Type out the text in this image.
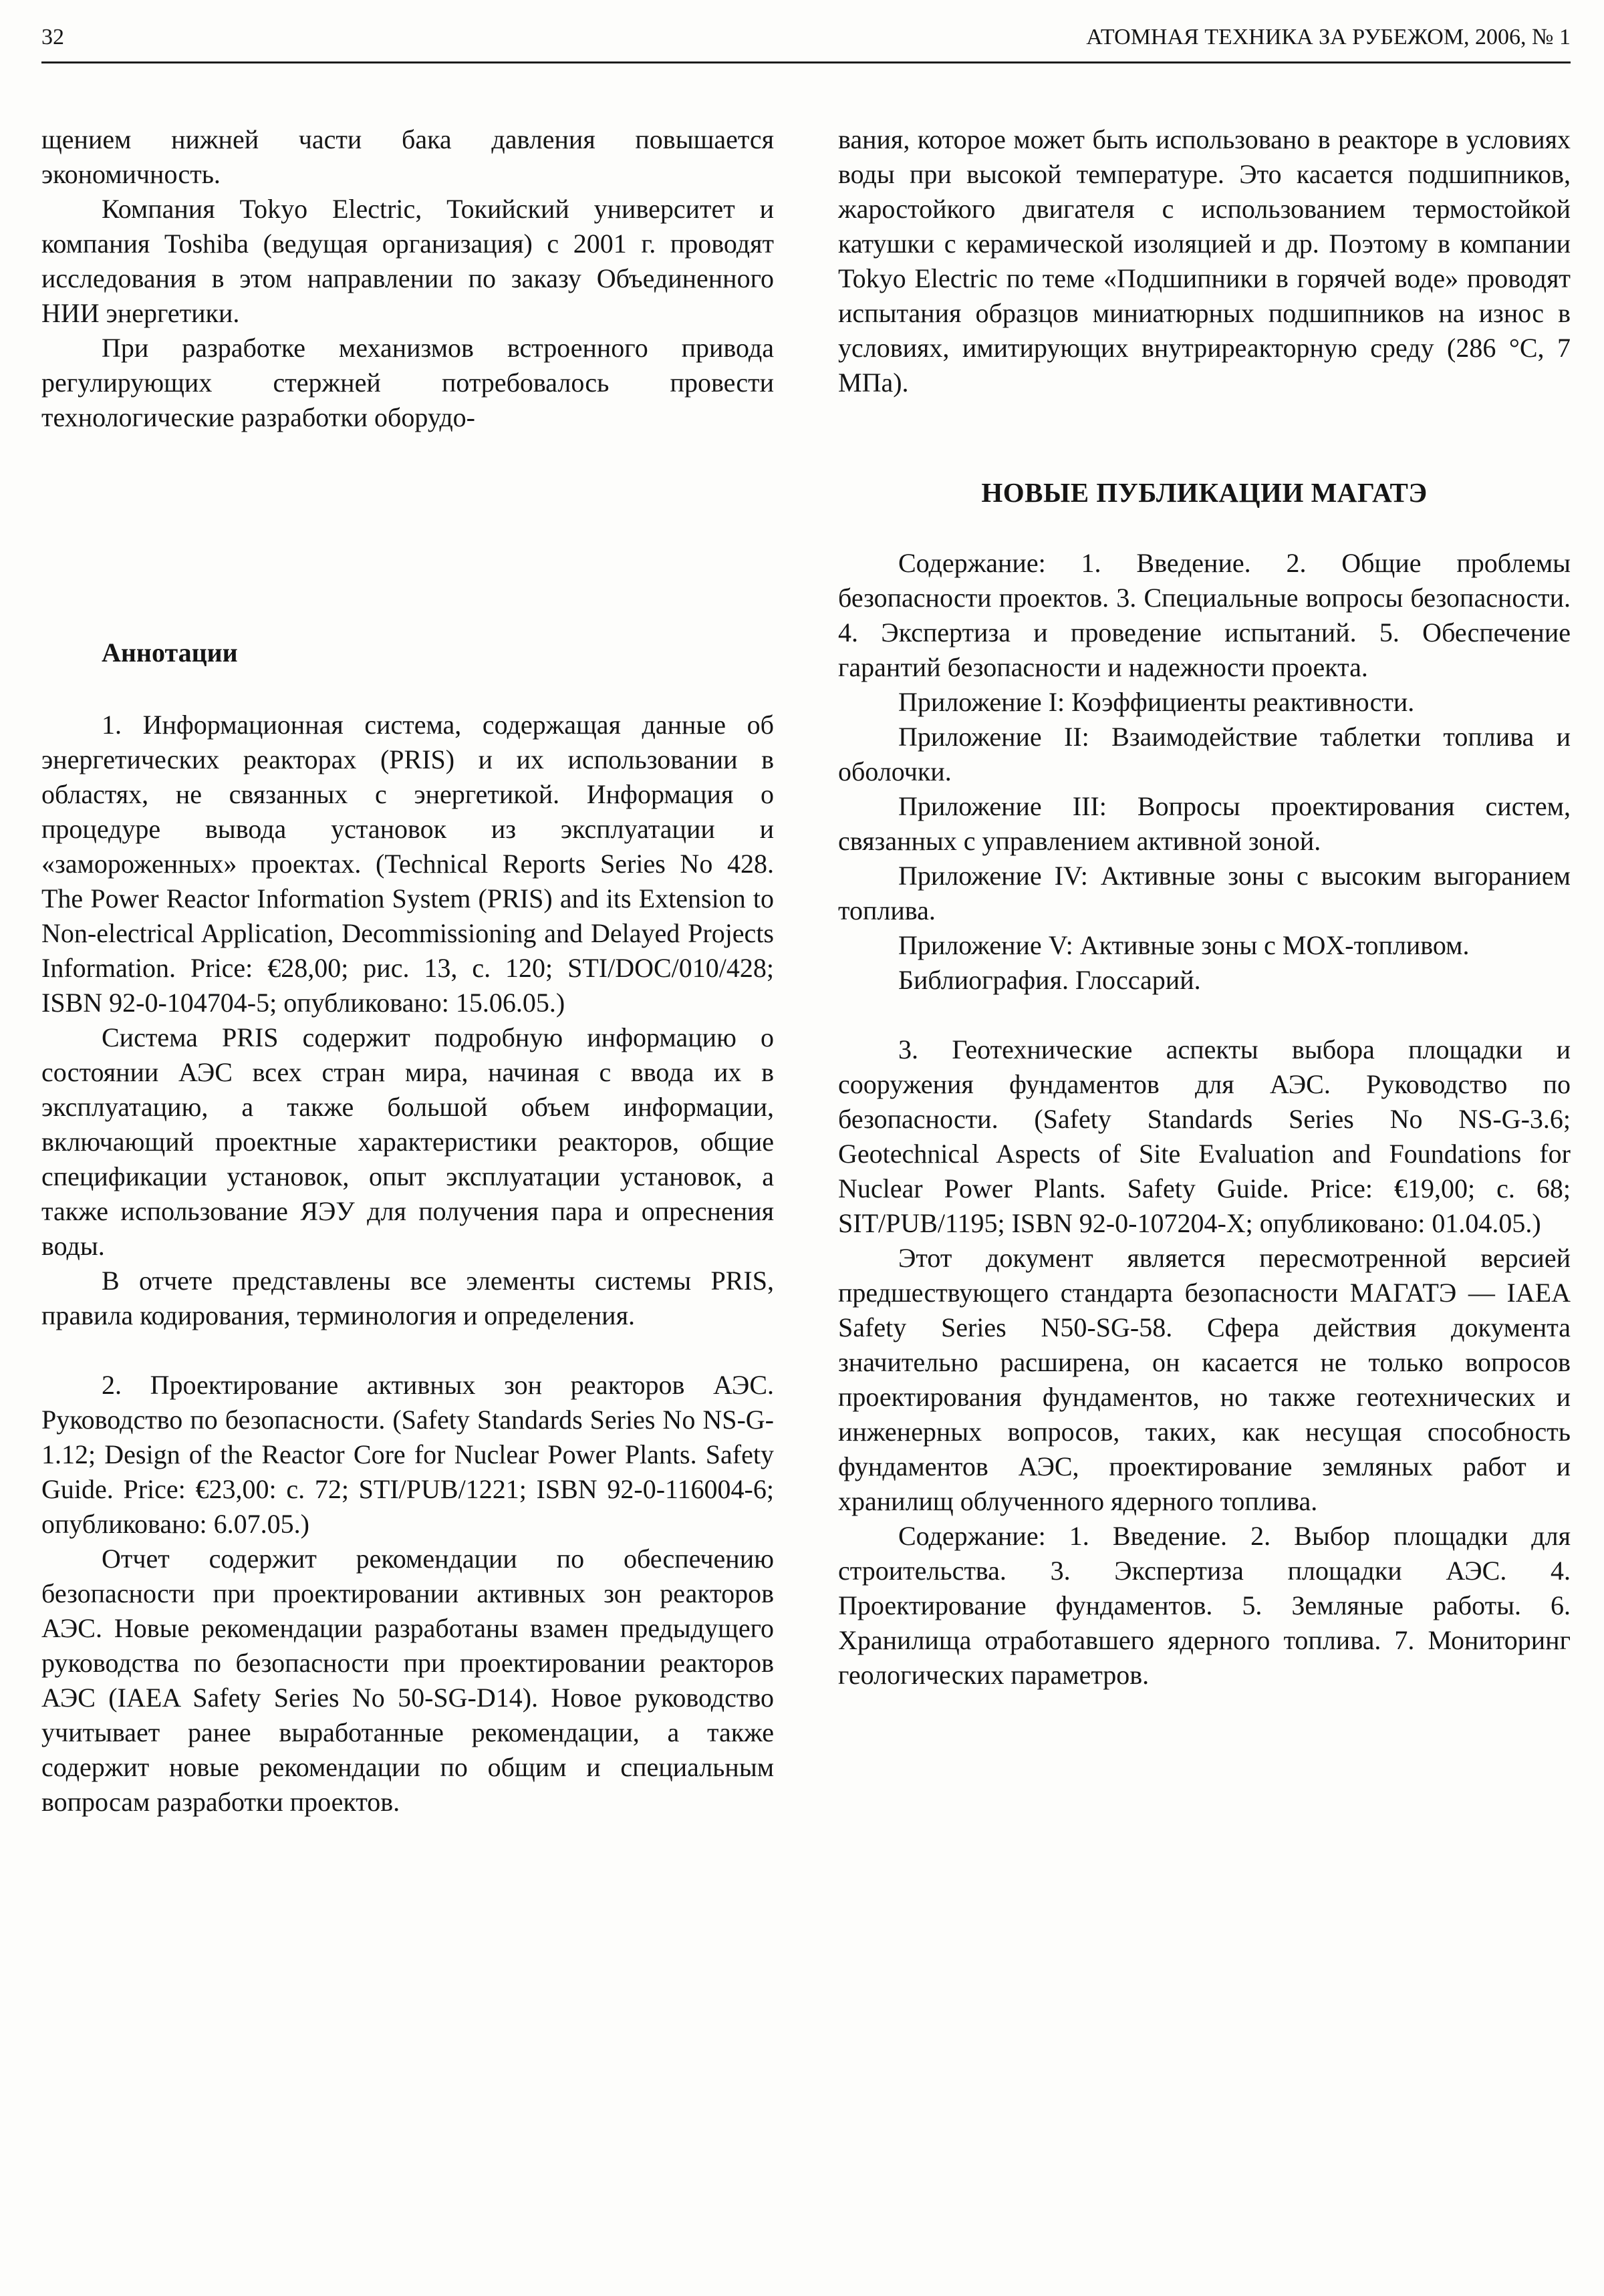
32	АТОМНАЯ ТЕХНИКА ЗА РУБЕЖОМ, 2006, № 1

щением нижней части бака давления повышается экономичность.

Компания Tokyo Electric, Токийский университет и компания Toshiba (ведущая организация) с 2001 г. проводят исследования в этом направлении по заказу Объединенного НИИ энергетики.

При разработке механизмов встроенного привода регулирующих стержней потребовалось провести технологические разработки оборудо-

Аннотации

1. Информационная система, содержащая данные об энергетических реакторах (PRIS) и их использовании в областях, не связанных с энергетикой. Информация о процедуре вывода установок из эксплуатации и «замороженных» проектах. (Technical Reports Series No 428. The Power Reactor Information System (PRIS) and its Extension to Non-electrical Application, Decommissioning and Delayed Projects Information. Price: €28,00; рис. 13, с. 120; STI/DOC/010/428; ISBN 92-0-104704-5; опубликовано: 15.06.05.)

Система PRIS содержит подробную информацию о состоянии АЭС всех стран мира, начиная с ввода их в эксплуатацию, а также большой объем информации, включающий проектные характеристики реакторов, общие спецификации установок, опыт эксплуатации установок, а также использование ЯЭУ для получения пара и опреснения воды.

В отчете представлены все элементы системы PRIS, правила кодирования, терминология и определения.

2. Проектирование активных зон реакторов АЭС. Руководство по безопасности. (Safety Standards Series No NS-G-1.12; Design of the Reactor Core for Nuclear Power Plants. Safety Guide. Price: €23,00: с. 72; STI/PUB/1221; ISBN 92-0-116004-6; опубликовано: 6.07.05.)

Отчет содержит рекомендации по обеспечению безопасности при проектировании активных зон реакторов АЭС. Новые рекомендации разработаны взамен предыдущего руководства по безопасности при проектировании реакторов АЭС (IAEA Safety Series No 50-SG-D14). Новое руководство учитывает ранее выработанные рекомендации, а также содержит новые рекомендации по общим и специальным вопросам разработки проектов.

вания, которое может быть использовано в реакторе в условиях воды при высокой температуре. Это касается подшипников, жаростойкого двигателя с использованием термостойкой катушки с керамической изоляцией и др. Поэтому в компании Tokyo Electric по теме «Подшипники в горячей воде» проводят испытания образцов миниатюрных подшипников на износ в условиях, имитирующих внутриреакторную среду (286 °C, 7 МПа).

НОВЫЕ ПУБЛИКАЦИИ МАГАТЭ

Содержание: 1. Введение. 2. Общие проблемы безопасности проектов. 3. Специальные вопросы безопасности. 4. Экспертиза и проведение испытаний. 5. Обеспечение гарантий безопасности и надежности проекта.

Приложение I: Коэффициенты реактивности.

Приложение II: Взаимодействие таблетки топлива и оболочки.

Приложение III: Вопросы проектирования систем, связанных с управлением активной зоной.

Приложение IV: Активные зоны с высоким выгоранием топлива.

Приложение V: Активные зоны с MOX-топливом.

Библиография. Глоссарий.

3. Геотехнические аспекты выбора площадки и сооружения фундаментов для АЭС. Руководство по безопасности. (Safety Standards Series No NS-G-3.6; Geotechnical Aspects of Site Evaluation and Foundations for Nuclear Power Plants. Safety Guide. Price: €19,00; с. 68; SIT/PUB/1195; ISBN 92-0-107204-X; опубликовано: 01.04.05.)

Этот документ является пересмотренной версией предшествующего стандарта безопасности МАГАТЭ — IAEA Safety Series N50-SG-58. Сфера действия документа значительно расширена, он касается не только вопросов проектирования фундаментов, но также геотехнических и инженерных вопросов, таких, как несущая способность фундаментов АЭС, проектирование земляных работ и хранилищ облученного ядерного топлива.

Содержание: 1. Введение. 2. Выбор площадки для строительства. 3. Экспертиза площадки АЭС. 4. Проектирование фундаментов. 5. Земляные работы. 6. Хранилища отработавшего ядерного топлива. 7. Мониторинг геологических параметров.
